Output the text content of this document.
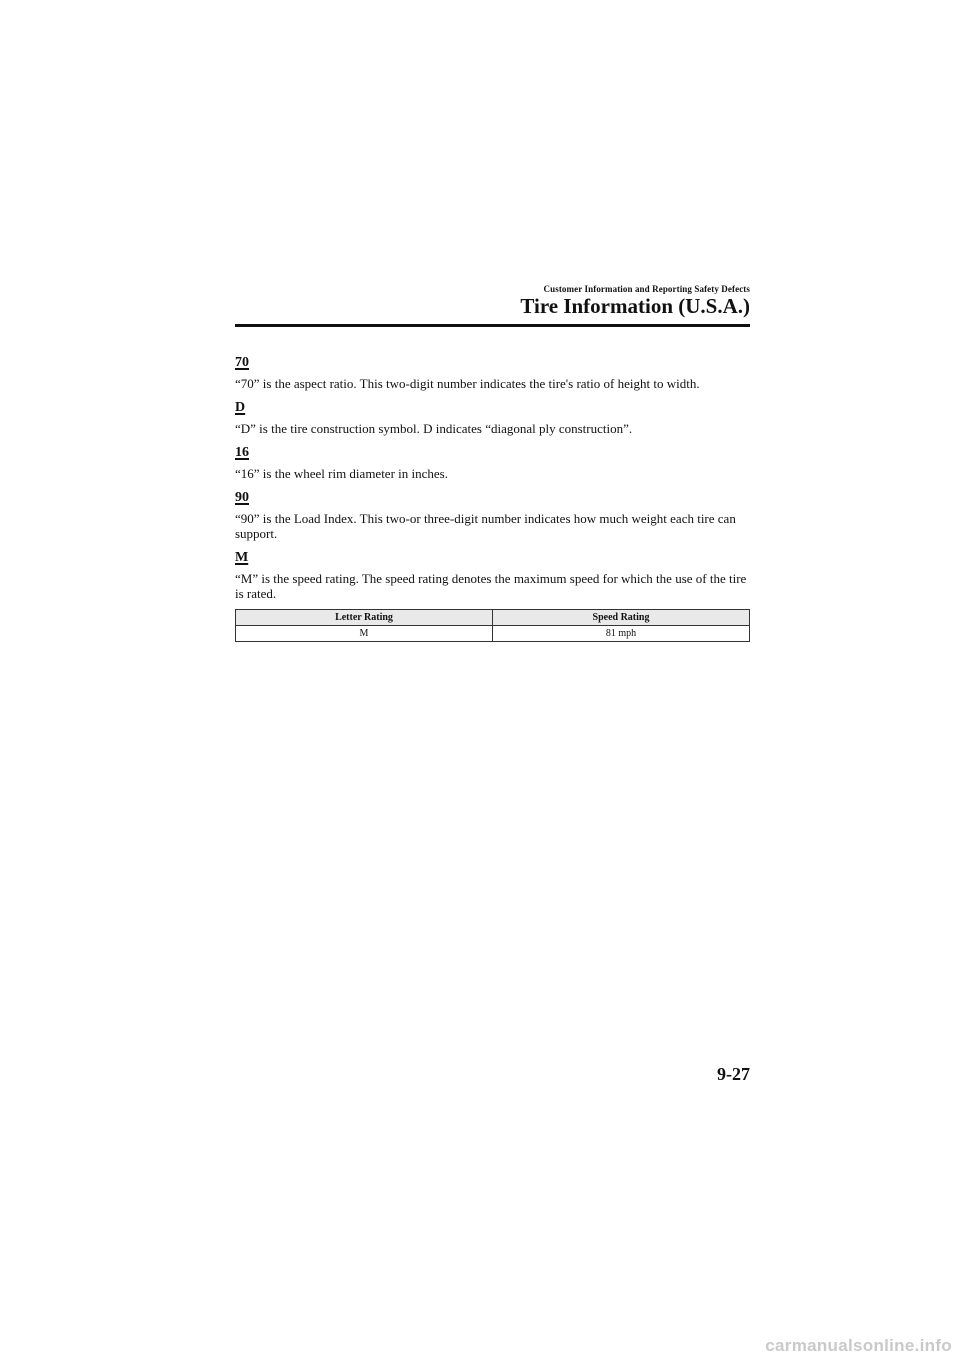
Customer Information and Reporting Safety Defects
Tire Information (U.S.A.)
70
“70” is the aspect ratio. This two-digit number indicates the tire's ratio of height to width.
D
“D” is the tire construction symbol. D indicates “diagonal ply construction”.
16
“16” is the wheel rim diameter in inches.
90
“90” is the Load Index. This two-or three-digit number indicates how much weight each tire can support.
M
“M” is the speed rating. The speed rating denotes the maximum speed for which the use of the tire is rated.
Letter Rating	Speed Rating
M	81 mph
9-27
carmanualsonline.info
